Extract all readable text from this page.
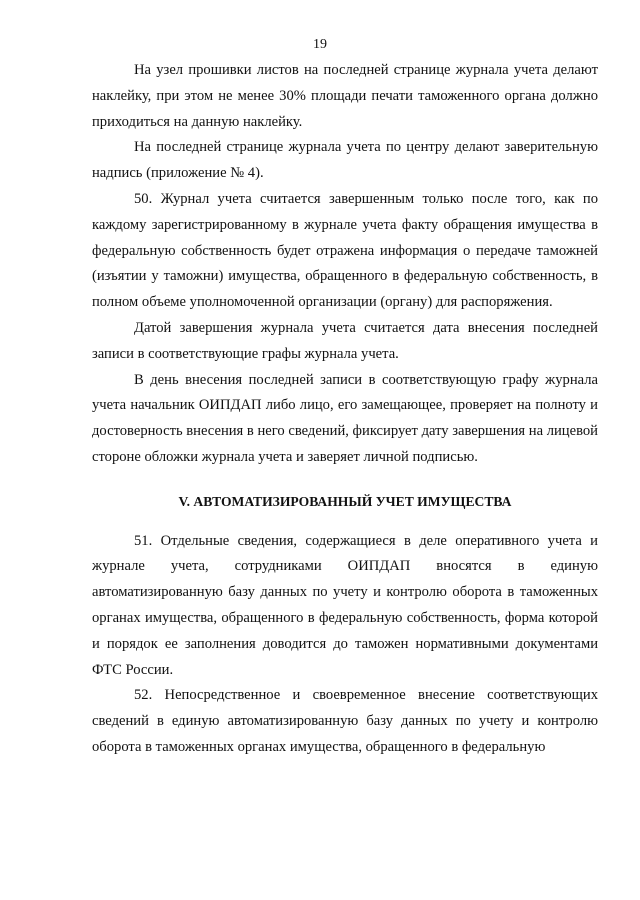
19

На узел прошивки листов на последней странице журнала учета делают наклейку, при этом не менее 30% площади печати таможенного органа должно приходиться на данную наклейку.

На последней странице журнала учета по центру делают заверительную надпись (приложение № 4).

50. Журнал учета считается завершенным только после того, как по каждому зарегистрированному в журнале учета факту обращения имущества в федеральную собственность будет отражена информация о передаче таможней (изъятии у таможни) имущества, обращенного в федеральную собственность, в полном объеме уполномоченной организации (органу) для распоряжения.

Датой завершения журнала учета считается дата внесения последней записи в соответствующие графы журнала учета.

В день внесения последней записи в соответствующую графу журнала учета начальник ОИПДАП либо лицо, его замещающее, проверяет на полноту и достоверность внесения в него сведений, фиксирует дату завершения на лицевой стороне обложки журнала учета и заверяет личной подписью.

V. АВТОМАТИЗИРОВАННЫЙ УЧЕТ ИМУЩЕСТВА

51. Отдельные сведения, содержащиеся в деле оперативного учета и журнале учета, сотрудниками ОИПДАП вносятся в единую автоматизированную базу данных по учету и контролю оборота в таможенных органах имущества, обращенного в федеральную собственность, форма которой и порядок ее заполнения доводится до таможен нормативными документами ФТС России.

52. Непосредственное и своевременное внесение соответствующих сведений в единую автоматизированную базу данных по учету и контролю оборота в таможенных органах имущества, обращенного в федеральную
